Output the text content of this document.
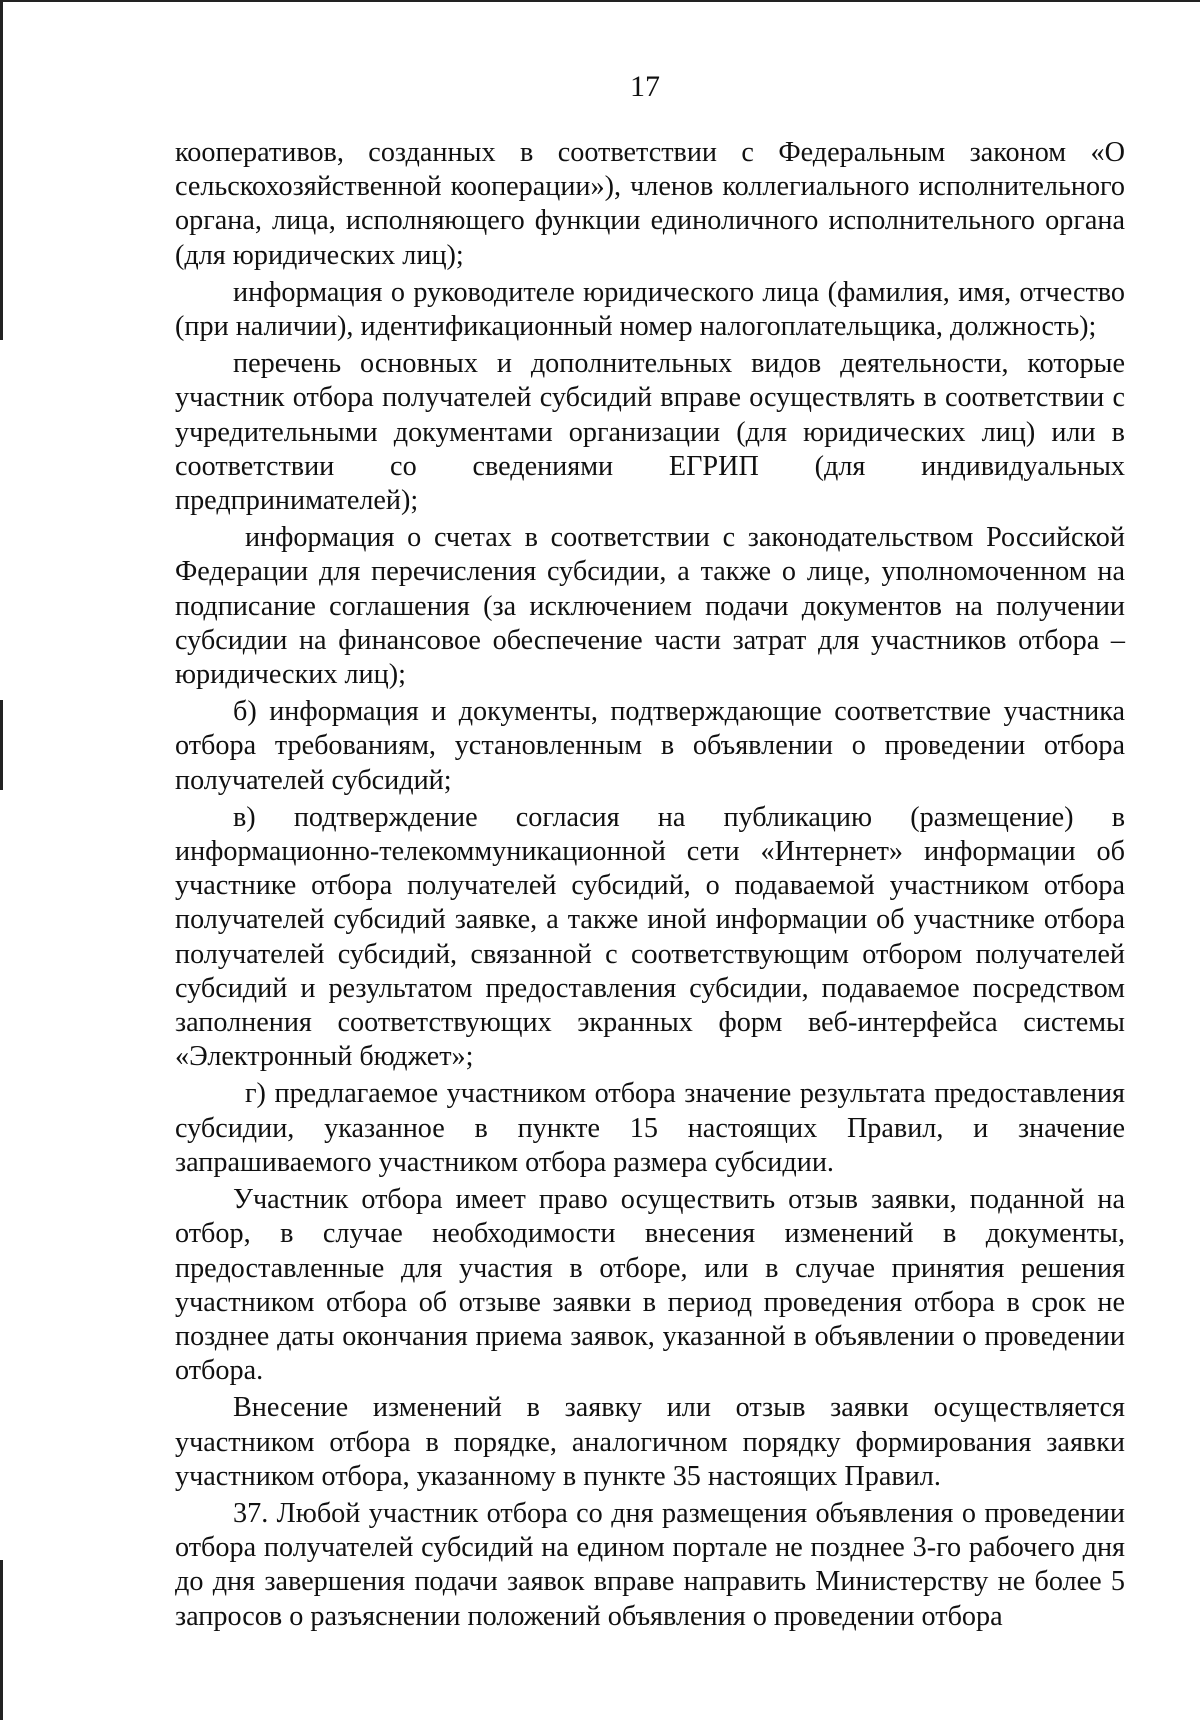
17

кооперативов, созданных в соответствии с Федеральным законом «О сельскохозяйственной кооперации»), членов коллегиального исполнительного органа, лица, исполняющего функции единоличного исполнительного органа (для юридических лиц);

информация о руководителе юридического лица (фамилия, имя, отчество (при наличии), идентификационный номер налогоплательщика, должность);

перечень основных и дополнительных видов деятельности, которые участник отбора получателей субсидий вправе осуществлять в соответствии с учредительными документами организации (для юридических лиц) или в соответствии со сведениями ЕГРИП (для индивидуальных предпринимателей);

информация о счетах в соответствии с законодательством Российской Федерации для перечисления субсидии, а также о лице, уполномоченном на подписание соглашения (за исключением подачи документов на получении субсидии на финансовое обеспечение части затрат для участников отбора – юридических лиц);

б) информация и документы, подтверждающие соответствие участника отбора требованиям, установленным в объявлении о проведении отбора получателей субсидий;

в) подтверждение согласия на публикацию (размещение) в информационно-телекоммуникационной сети «Интернет» информации об участнике отбора получателей субсидий, о подаваемой участником отбора получателей субсидий заявке, а также иной информации об участнике отбора получателей субсидий, связанной с соответствующим отбором получателей субсидий и результатом предоставления субсидии, подаваемое посредством заполнения соответствующих экранных форм веб-интерфейса системы «Электронный бюджет»;

г) предлагаемое участником отбора значение результата предоставления субсидии, указанное в пункте 15 настоящих Правил, и значение запрашиваемого участником отбора размера субсидии.

Участник отбора имеет право осуществить отзыв заявки, поданной на отбор, в случае необходимости внесения изменений в документы, предоставленные для участия в отборе, или в случае принятия решения участником отбора об отзыве заявки в период проведения отбора в срок не позднее даты окончания приема заявок, указанной в объявлении о проведении отбора.

Внесение изменений в заявку или отзыв заявки осуществляется участником отбора в порядке, аналогичном порядку формирования заявки участником отбора, указанному в пункте 35 настоящих Правил.

37. Любой участник отбора со дня размещения объявления о проведении отбора получателей субсидий на едином портале не позднее 3-го рабочего дня до дня завершения подачи заявок вправе направить Министерству не более 5 запросов о разъяснении положений объявления о проведении отбора
